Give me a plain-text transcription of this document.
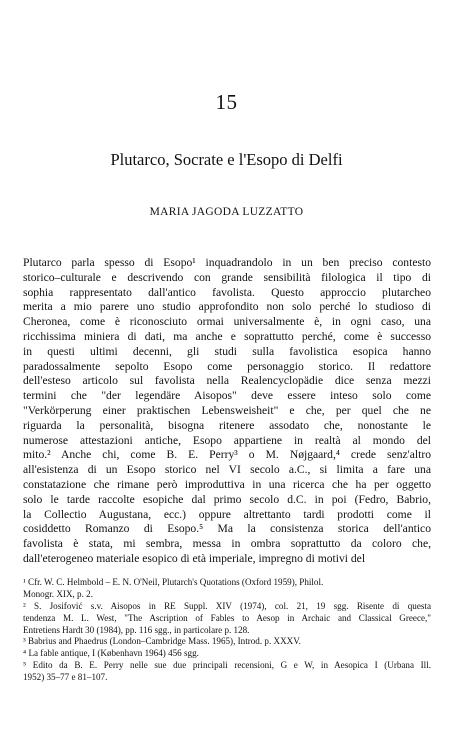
15
Plutarco, Socrate e l'Esopo di Delfi
MARIA JAGODA LUZZATTO
Plutarco parla spesso di Esopo¹ inquadrandolo in un ben preciso contesto
storico–culturale e descrivendo con grande sensibilità filologica il tipo di
sophia rappresentato dall'antico favolista. Questo approccio plutarcheo
merita a mio parere uno studio approfondito non solo perché lo studioso di
Cheronea, come è riconosciuto ormai universalmente è, in ogni caso, una
ricchissima miniera di dati, ma anche e soprattutto perché, come è successo
in questi ultimi decenni, gli studi sulla favolistica esopica hanno
paradossalmente sepolto Esopo come personaggio storico. Il redattore
dell'esteso articolo sul favolista nella Realencyclopädie dice senza mezzi
termini che "der legendäre Aisopos" deve essere inteso solo come
"Verkörperung einer praktischen Lebensweisheit" e che, per quel che ne
riguarda la personalità, bisogna ritenere assodato che, nonostante le
numerose attestazioni antiche, Esopo appartiene in realtà al mondo del
mito.² Anche chi, come B. E. Perry³ o M. Nøjgaard,⁴ crede senz'altro
all'esistenza di un Esopo storico nel VI secolo a.C., si limita a fare una
constatazione che rimane però improduttiva in una ricerca che ha per oggetto
solo le tarde raccolte esopiche dal primo secolo d.C. in poi (Fedro, Babrio,
la Collectio Augustana, ecc.) oppure altrettanto tardi prodotti come il
cosiddetto Romanzo di Esopo.⁵ Ma la consistenza storica dell'antico
favolista è stata, mi sembra, messa in ombra soprattutto da coloro che,
dall'eterogeneo materiale esopico di età imperiale, impregno di motivi del
¹ Cfr. W. C. Helmbold – E. N. O'Neil, Plutarch's Quotations (Oxford 1959), Philol.
Monogr. XIX, p. 2.
² S. Josifović s.v. Aisopos in RE Suppl. XIV (1974), col. 21, 19 sgg. Risente di questa
tendenza M. L. West, "The Ascription of Fables to Aesop in Archaic and Classical Greece,"
Entretiens Hardt 30 (1984), pp. 116 sgg., in particolare p. 128.
³ Babrius and Phaedrus (London–Cambridge Mass. 1965), Introd. p. XXXV.
⁴ La fable antique, I (København 1964) 456 sgg.
⁵ Edito da B. E. Perry nelle sue due principali recensioni, G e W, in Aesopica I (Urbana Ill.
1952) 35–77 e 81–107.
